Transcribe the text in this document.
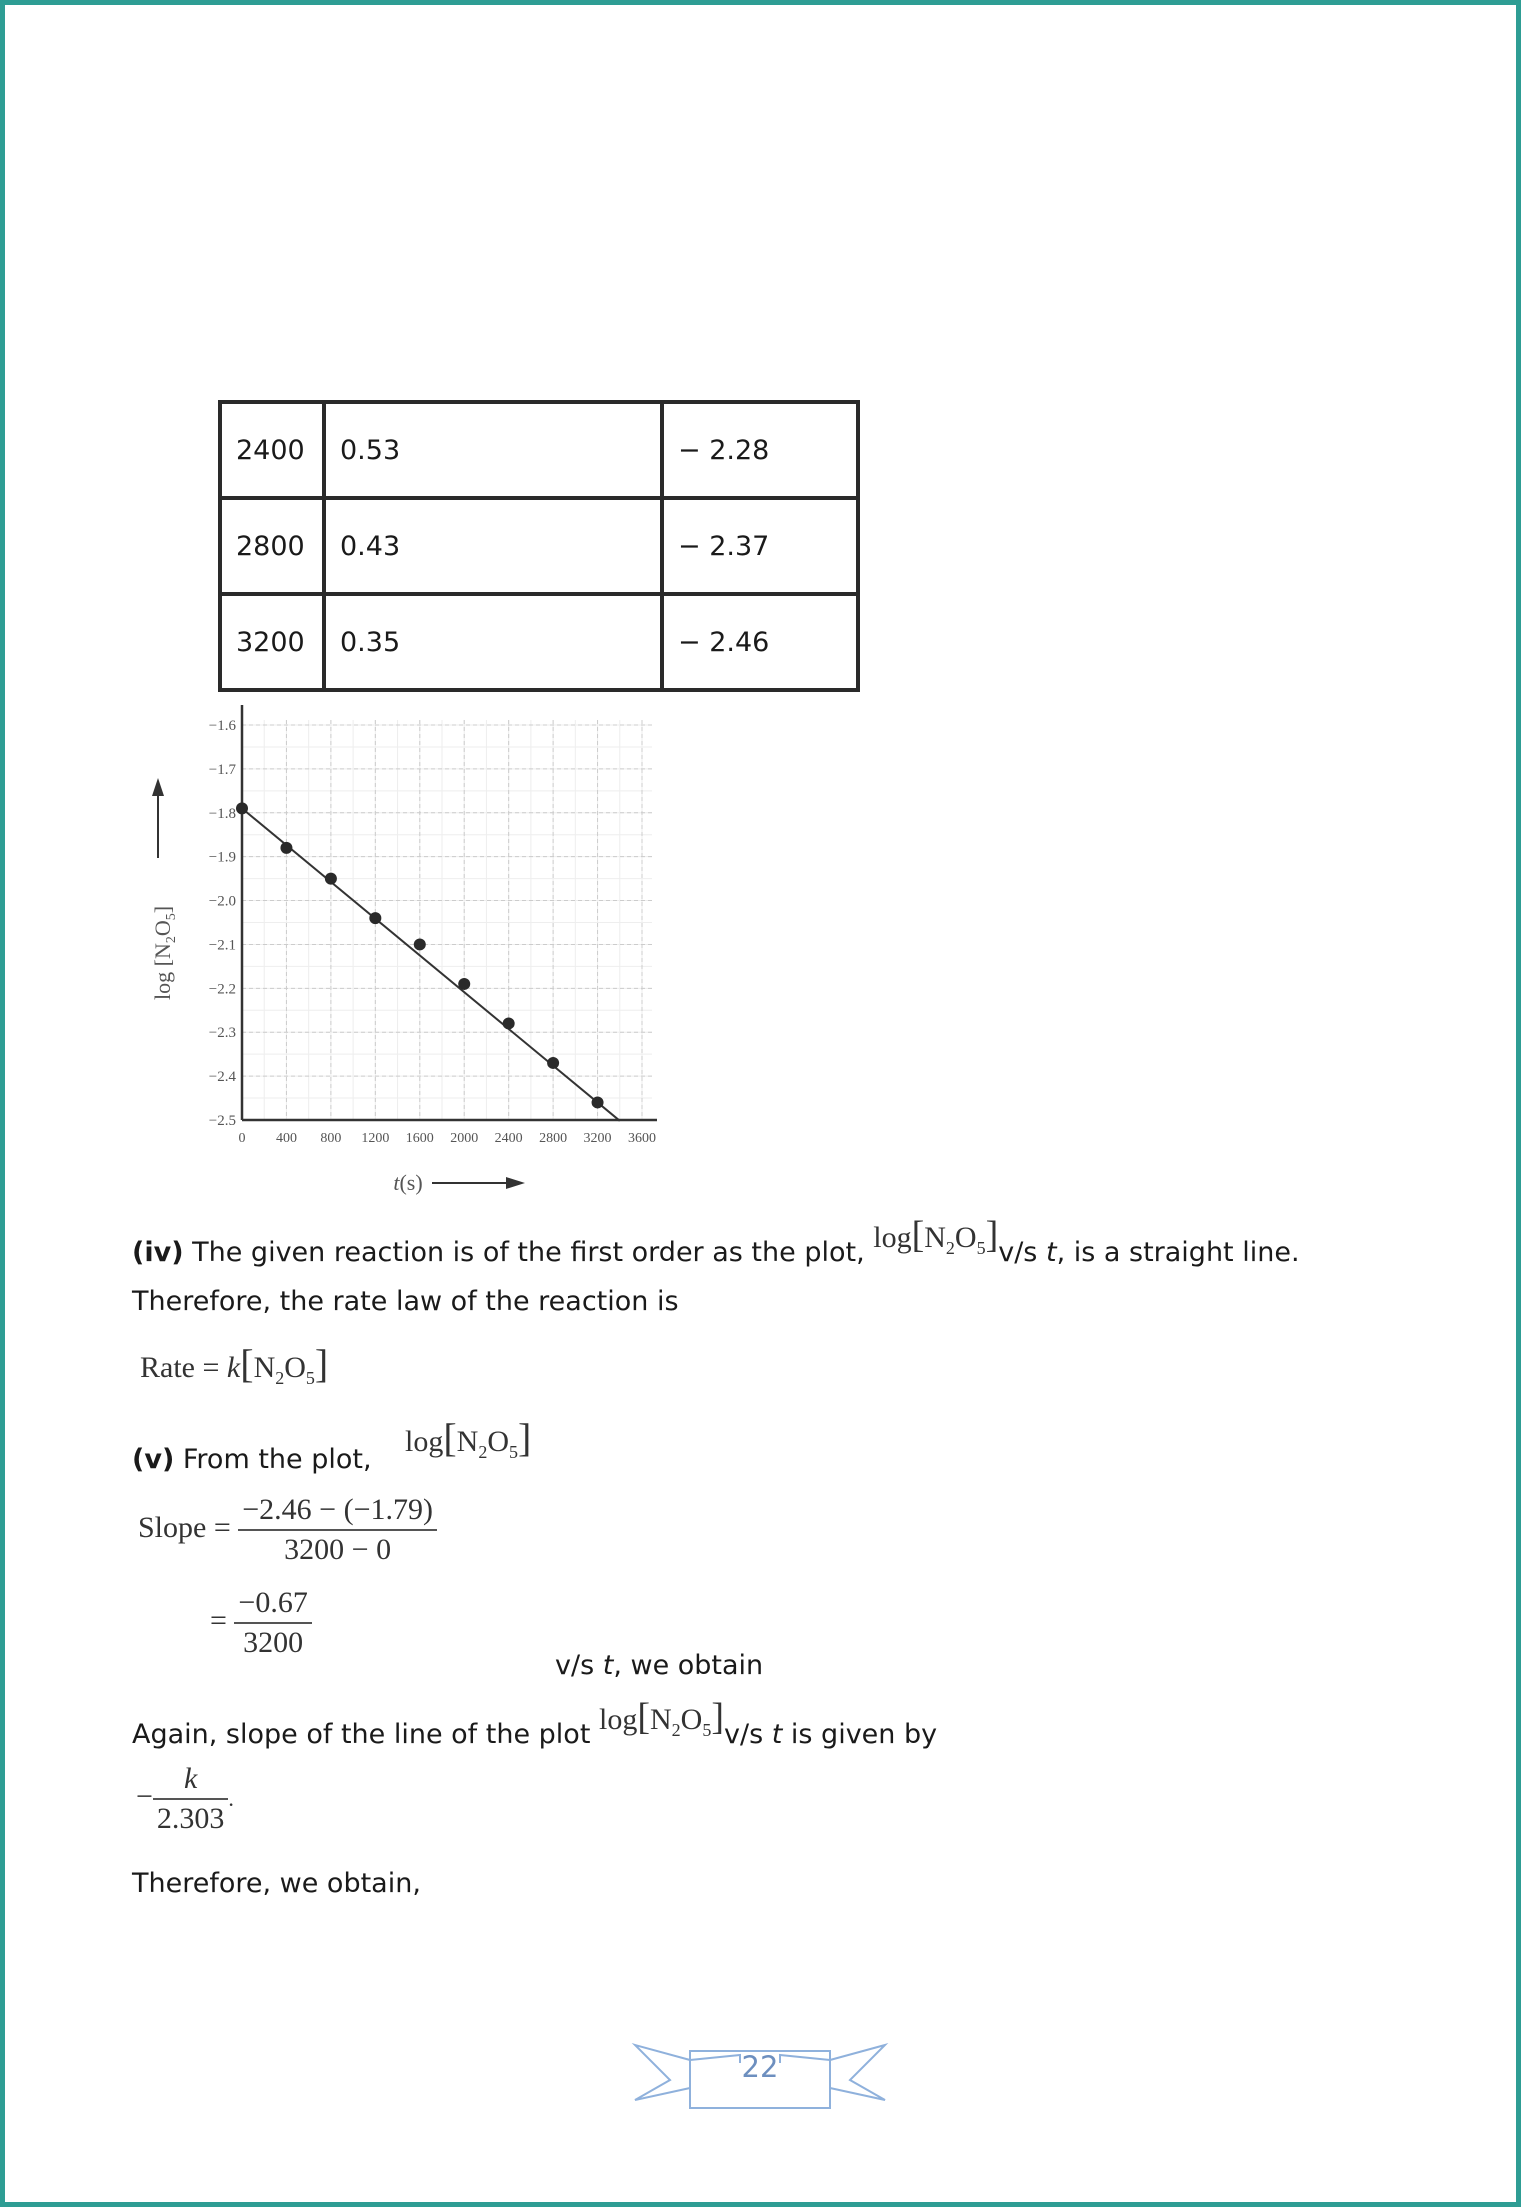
2400	0.53	− 2.28
2800	0.43	− 2.37
3200	0.35	− 2.46
−1.6
−1.7
−1.8
−1.9
−2.0
−2.1
−2.2
−2.3
−2.4
−2.5
0 400 800 1200 1600 2000 2400 2800 3200 3600
$\log [N_2O_5]$
t(s)
(iv) The given reaction is of the first order as the plot, $\log[N_2O_5]v/s$ t, is a straight line.
Therefore, the rate law of the reaction is
Rate = $k[N_2O_5]$
(v) From the plot,
$\log[N_2O_5]$
Slope = $\frac{-2.46 - (-1.79)}{3200 - 0}$
= $\frac{-0.67}{3200}$
v/s t, we obtain
Again, slope of the line of the plot $\log[N_2O_5]v/s$ t is given by
− $\frac{k}{2.303}$ .
Therefore, we obtain,
22
